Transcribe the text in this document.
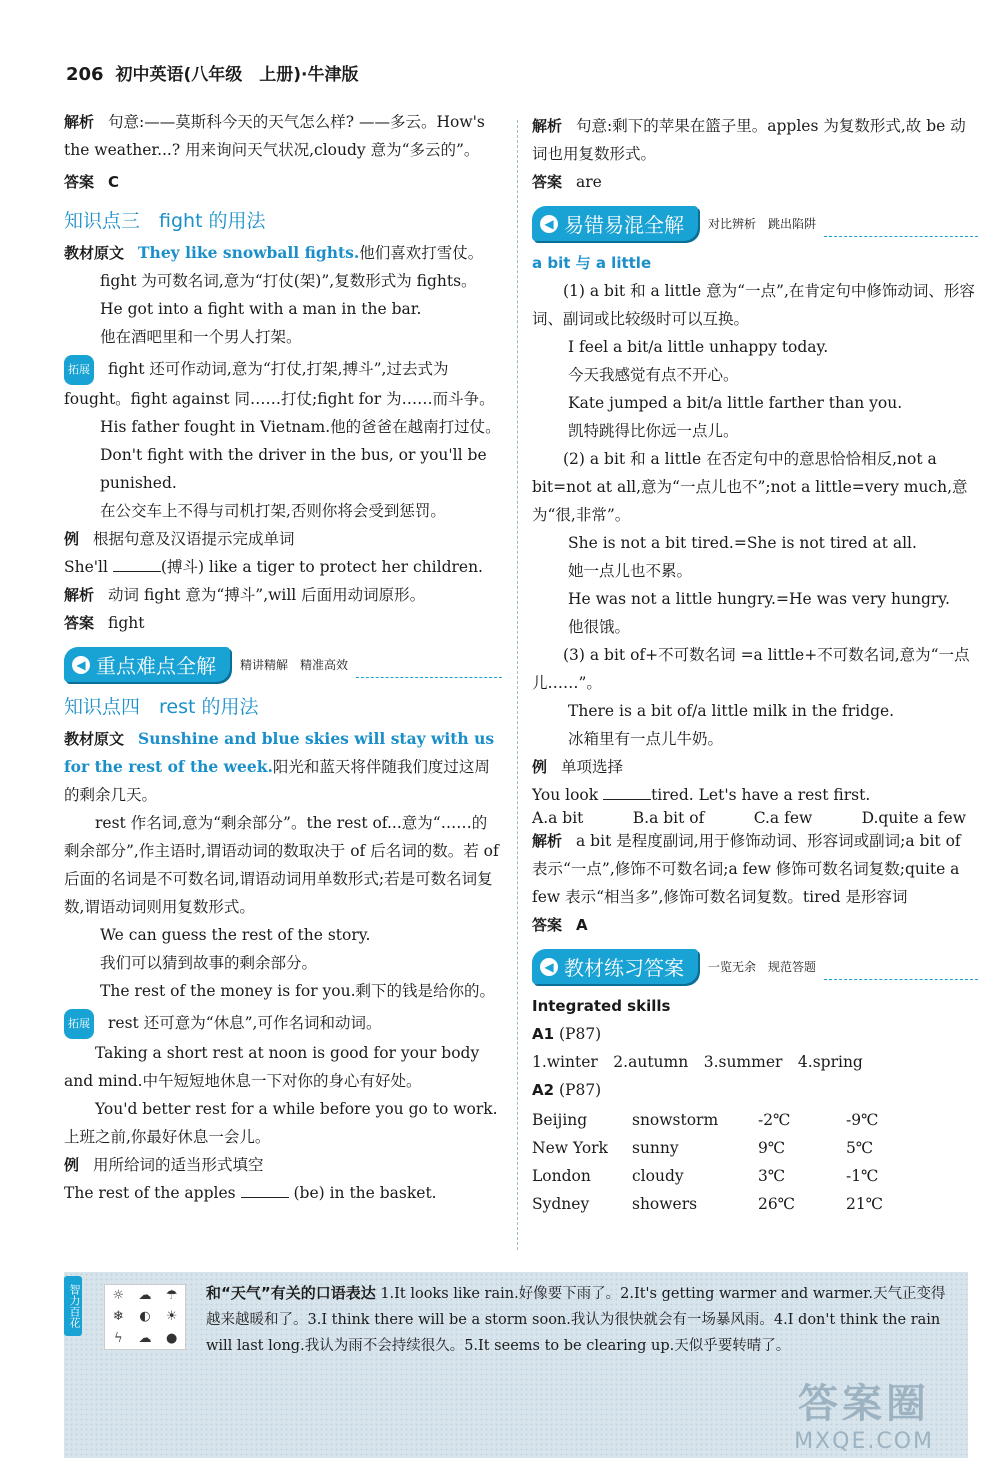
206 初中英语(八年级　上册)·牛津版

解析 句意:——莫斯科今天的天气怎么样? ——多云。How's the weather...? 用来询问天气状况,cloudy 意为“多云的”。

答案 C

知识点三　fight 的用法

教材原文 They like snowball fights.他们喜欢打雪仗。

fight 为可数名词,意为“打仗(架)”,复数形式为 fights。

He got into a fight with a man in the bar.

他在酒吧里和一个男人打架。

拓展 fight 还可作动词,意为“打仗,打架,搏斗”,过去式为 fought。fight against 同……打仗;fight for 为……而斗争。

His father fought in Vietnam.他的爸爸在越南打过仗。

Don't fight with the driver in the bus, or you'll be punished.

在公交车上不得与司机打架,否则你将会受到惩罚。

例 根据句意及汉语提示完成单词

She'll	(搏斗) like a tiger to protect her children.

解析 动词 fight 意为“搏斗”,will 后面用动词原形。

答案 fight

◀ 重点难点全解 精讲精解　精准高效
知识点四　rest 的用法

教材原文 Sunshine and blue skies will stay with us for the rest of the week.阳光和蓝天将伴随我们度过这周的剩余几天。

rest 作名词,意为“剩余部分”。the rest of...意为“……的剩余部分”,作主语时,谓语动词的数取决于 of 后名词的数。若 of 后面的名词是不可数名词,谓语动词用单数形式;若是可数名词复数,谓语动词则用复数形式。

We can guess the rest of the story.

我们可以猜到故事的剩余部分。

The rest of the money is for you.剩下的钱是给你的。

拓展 rest 还可意为“休息”,可作名词和动词。

Taking a short rest at noon is good for your body and mind.中午短短地休息一下对你的身心有好处。

You'd better rest for a while before you go to work.上班之前,你最好休息一会儿。

例 用所给词的适当形式填空

The rest of the apples	(be) in the basket.

解析 句意:剩下的苹果在篮子里。apples 为复数形式,故 be 动词也用复数形式。

答案 are

◀ 易错易混全解 对比辨析　跳出陷阱

a bit 与 a little

(1) a bit 和 a little 意为“一点”,在肯定句中修饰动词、形容词、副词或比较级时可以互换。

I feel a bit/a little unhappy today.

今天我感觉有点不开心。

Kate jumped a bit/a little farther than you.

凯特跳得比你远一点儿。

(2) a bit 和 a little 在否定句中的意思恰恰相反,not a bit=not at all,意为“一点儿也不”;not a little=very much,意为“很,非常”。

She is not a bit tired.=She is not tired at all.

她一点儿也不累。

He was not a little hungry.=He was very hungry.

他很饿。

(3) a bit of+不可数名词 =a little+不可数名词,意为“一点儿……”。

There is a bit of/a little milk in the fridge.

冰箱里有一点儿牛奶。

例 单项选择

You look	tired. Let's have a rest first.

A.a bit	B.a bit of	C.a few	D.quite a few

解析 a bit 是程度副词,用于修饰动词、形容词或副词;a bit of 表示“一点”,修饰不可数名词;a few 修饰可数名词复数;quite a few 表示“相当多”,修饰可数名词复数。tired 是形容词

答案 A

◀ 教材练习答案 一览无余　规范答题

Integrated skills

A1 (P87)

1.winter　2.autumn　3.summer　4.spring

A2 (P87)

Beijing	snowstorm	-2℃	-9℃
New York	sunny	9℃	5℃
London	cloudy	3℃	-1℃
Sydney	showers	26℃	21℃
智力百花	☼	☁	☂
❄	◐	☀
ϟ	☁	●
和“天气”有关的口语表达 1.It looks like rain.好像要下雨了。2.It's getting warmer and warmer.天气正变得越来越暖和了。3.I think there will be a storm soon.我认为很快就会有一场暴风雨。4.I don't think the rain will last long.我认为雨不会持续很久。5.It seems to be clearing up.天似乎要转晴了。
答案圈
MXQE.COM
